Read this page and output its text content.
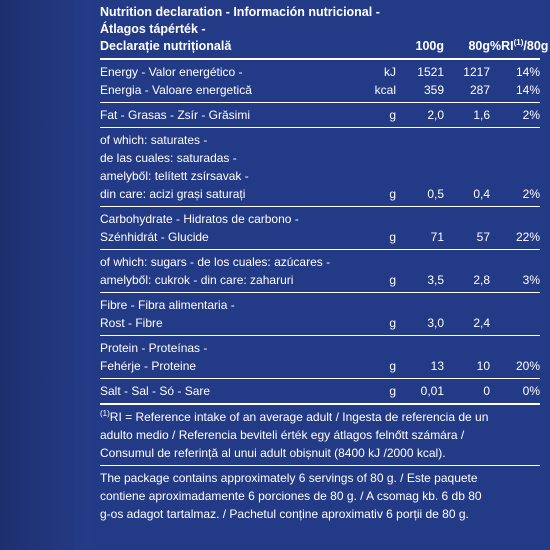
Nutrition declaration - Información nutricional -
Átlagos tápérték -
Declarație nutrițională	100g	80g %RI$^{(1)}$/80g
Energy - Valor energético -	kJ	1521	1217	14%
Energia - Valoare energetică	kcal	359	287	14%
Fat - Grasas - Zsír - Grăsimi	g	2,0	1,6	2%
of which: saturates -
de las cuales: saturadas -
amelyből: telített zsírsavak -
din care: acizi grași saturați	g	0,5	0,4	2%
Carbohydrate - Hidratos de carbono -
Szénhidrát - Glucide	g	71	57	22%
of which: sugars - de los cuales: azúcares -
amelyből: cukrok - din care: zaharuri	g	3,5	2,8	3%
Fibre - Fibra alimentaria -
Rost - Fibre	g	3,0	2,4
Protein - Proteínas -
Fehérje - Proteine	g	13	10	20%
Salt - Sal - Só - Sare	g	0,01	0	0%
$^{(1)}$RI = Reference intake of an average adult / Ingesta de referencia de un
adulto medio / Referencia beviteli érték egy átlagos felnőtt számára /
Consumul de referință al unui adult obișnuit (8400 kJ /2000 kcal).
The package contains approximately 6 servings of 80 g. / Este paquete
contiene aproximadamente 6 porciones de 80 g. / A csomag kb. 6 db 80
g-os adagot tartalmaz. / Pachetul conține aproximativ 6 porții de 80 g.
